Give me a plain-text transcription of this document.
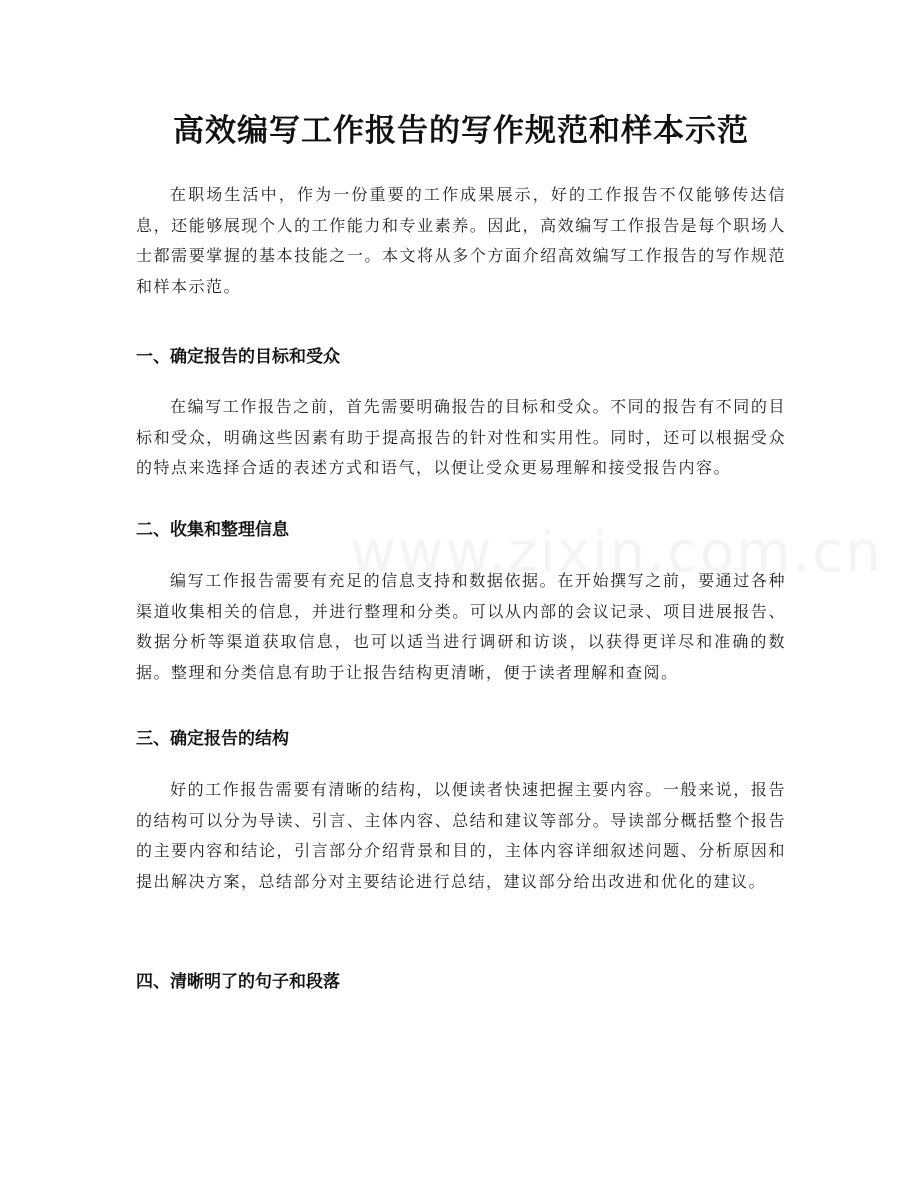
高效编写工作报告的写作规范和样本示范

在职场生活中，作为一份重要的工作成果展示，好的工作报告不仅能够传达信息，还能够展现个人的工作能力和专业素养。因此，高效编写工作报告是每个职场人士都需要掌握的基本技能之一。本文将从多个方面介绍高效编写工作报告的写作规范和样本示范。

一、确定报告的目标和受众

在编写工作报告之前，首先需要明确报告的目标和受众。不同的报告有不同的目标和受众，明确这些因素有助于提高报告的针对性和实用性。同时，还可以根据受众的特点来选择合适的表述方式和语气，以便让受众更易理解和接受报告内容。

二、收集和整理信息

编写工作报告需要有充足的信息支持和数据依据。在开始撰写之前，要通过各种渠道收集相关的信息，并进行整理和分类。可以从内部的会议记录、项目进展报告、数据分析等渠道获取信息，也可以适当进行调研和访谈，以获得更详尽和准确的数据。整理和分类信息有助于让报告结构更清晰，便于读者理解和查阅。

三、确定报告的结构

好的工作报告需要有清晰的结构，以便读者快速把握主要内容。一般来说，报告的结构可以分为导读、引言、主体内容、总结和建议等部分。导读部分概括整个报告的主要内容和结论，引言部分介绍背景和目的，主体内容详细叙述问题、分析原因和提出解决方案，总结部分对主要结论进行总结，建议部分给出改进和优化的建议。

四、清晰明了的句子和段落
